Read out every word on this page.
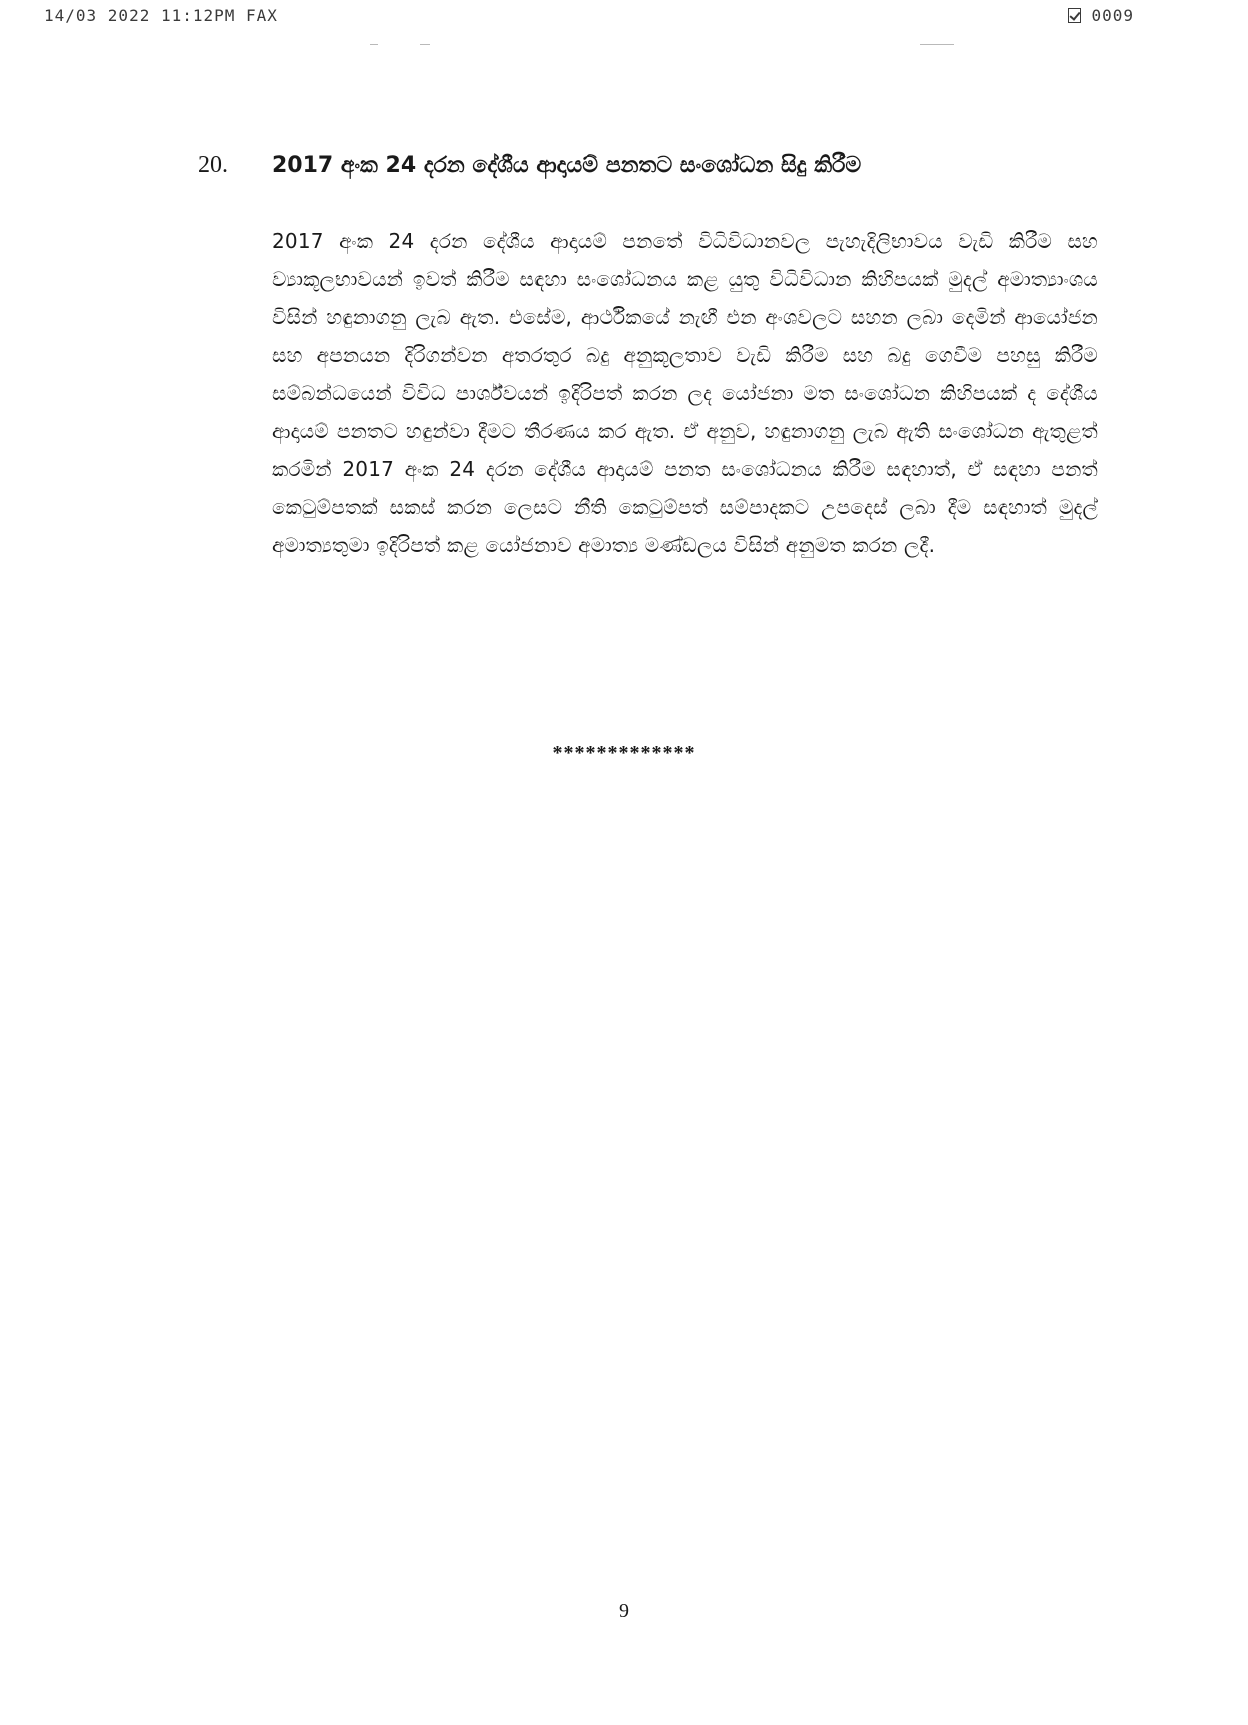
14/03 2022 11:12PM FAX	0009
20.	2017 අංක 24 දරන දේශීය ආදායම් පනතට සංශෝධන සිදු කිරීම

2017 අංක 24 දරන දේශීය ආදායම් පනතේ විධිවිධානවල පැහැදිලිභාවය වැඩි කිරීම සහ ව්‍යාකූලභාවයන් ඉවත් කිරීම සඳහා සංශෝධනය කළ යුතු විධිවිධාන කිහිපයක් මුදල් අමාත්‍යාංශය විසින් හඳුනාගනු ලැබ ඇත. එසේම, ආර්ථිකයේ නැඟී එන අංශවලට සහන ලබා දෙමින් ආයෝජන සහ අපනයන දිරිගන්වන අතරතුර බදු අනුකූලතාව වැඩි කිරීම සහ බදු ගෙවීම පහසු කිරීම සම්බන්ධයෙන් විවිධ පාර්ශ්වයන් ඉදිරිපත් කරන ලද යෝජනා මත සංශෝධන කිහිපයක් ද දේශීය ආදායම් පනතට හඳුන්වා දීමට තීරණය කර ඇත. ඒ අනුව, හඳුනාගනු ලැබ ඇති සංශෝධන ඇතුළත් කරමින් 2017 අංක 24 දරන දේශීය ආදායම් පනත සංශෝධනය කිරීම සඳහාත්, ඒ සඳහා පනත් කෙටුම්පතක් සකස් කරන ලෙසට නීති කෙටුම්පත් සම්පාදකට උපදෙස් ලබා දීම සඳහාත් මුදල් අමාත්‍යතුමා ඉදිරිපත් කළ යෝජනාව අමාත්‍ය මණ්ඩලය විසින් අනුමත කරන ලදී.

*************
9
